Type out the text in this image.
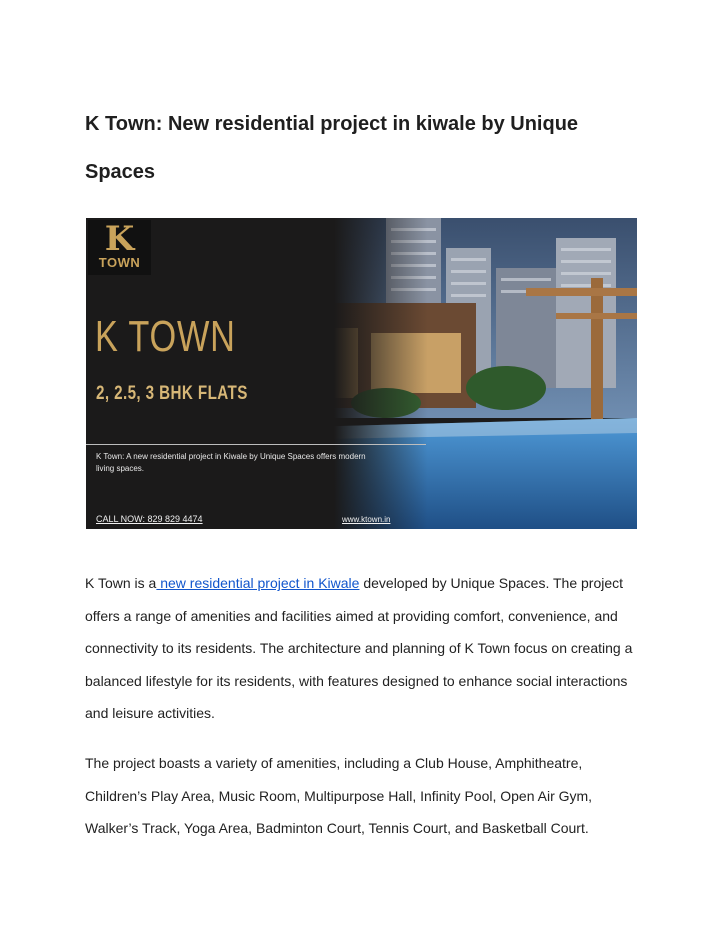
K Town: New residential project in kiwale by Unique Spaces
K
TOWN
K TOWN
2, 2.5, 3 BHK FLATS
K Town: A new residential project in Kiwale by Unique Spaces offers modern living spaces.
CALL NOW: 829 829 4474	www.ktown.in

K Town is a new residential project in Kiwale developed by Unique Spaces. The project offers a range of amenities and facilities aimed at providing comfort, convenience, and connectivity to its residents. The architecture and planning of K Town focus on creating a balanced lifestyle for its residents, with features designed to enhance social interactions and leisure activities.

The project boasts a variety of amenities, including a Club House, Amphitheatre, Children’s Play Area, Music Room, Multipurpose Hall, Infinity Pool, Open Air Gym, Walker’s Track, Yoga Area, Badminton Court, Tennis Court, and Basketball Court.
